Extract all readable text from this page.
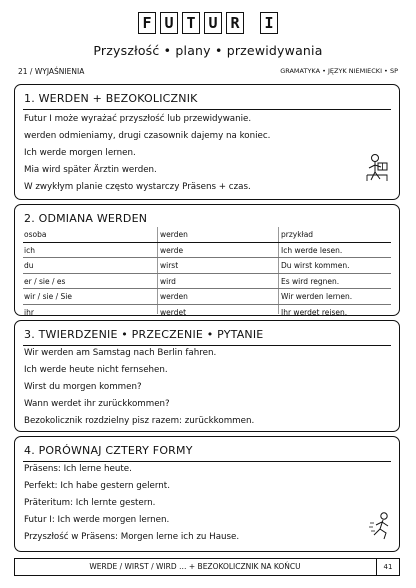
F U T U R I
Przyszłość • plany • przewidywania
21 / WYJAŚNIENIA	GRAMATYKA • JĘZYK NIEMIECKI • SP
1. WERDEN + BEZOKOLICZNIK
Futur I może wyrażać przyszłość lub przewidywanie.
werden odmieniamy, drugi czasownik dajemy na koniec.
Ich werde morgen lernen.
Mia wird später Ärztin werden.
W zwykłym planie często wystarczy Präsens + czas.
2. ODMIANA WERDEN
osoba	werden	przykład
ich	werde	Ich werde lesen.
du	wirst	Du wirst kommen.
er / sie / es	wird	Es wird regnen.
wir / sie / Sie	werden	Wir werden lernen.
ihr	werdet	Ihr werdet reisen.
3. TWIERDZENIE • PRZECZENIE • PYTANIE
Wir werden am Samstag nach Berlin fahren.
Ich werde heute nicht fernsehen.
Wirst du morgen kommen?
Wann werdet ihr zurückkommen?
Bezokolicznik rozdzielny pisz razem: zurückkommen.
4. PORÓWNAJ CZTERY FORMY
Präsens: Ich lerne heute.
Perfekt: Ich habe gestern gelernt.
Präteritum: Ich lernte gestern.
Futur I: Ich werde morgen lernen.
Przyszłość w Präsens: Morgen lerne ich zu Hause.
WERDE / WIRST / WIRD … + BEZOKOLICZNIK NA KOŃCU	41
